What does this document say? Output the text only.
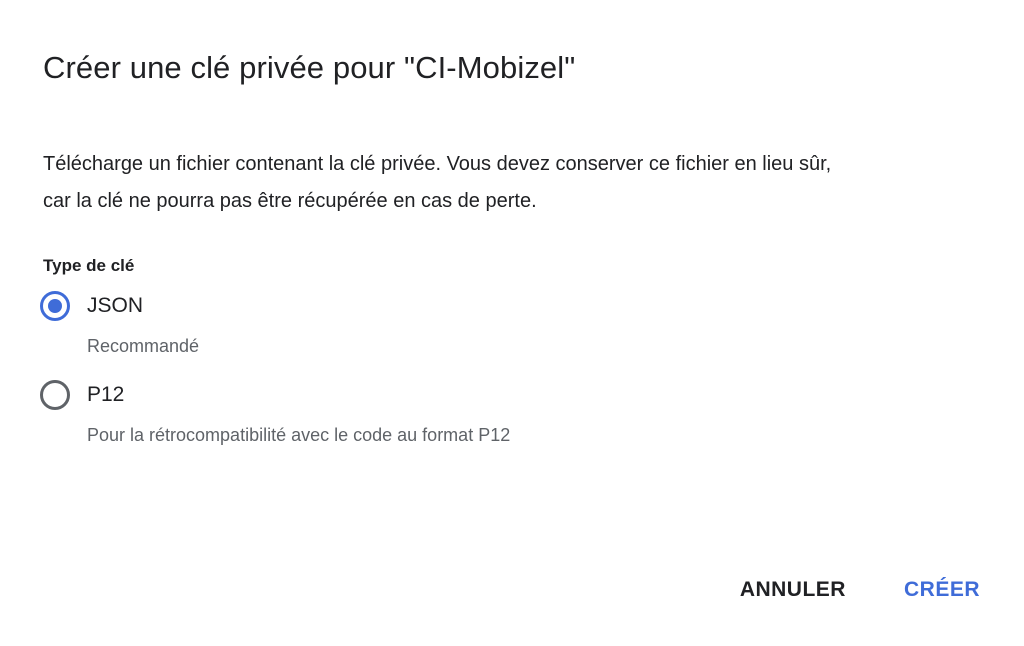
Créer une clé privée pour "CI-Mobizel"
Télécharge un fichier contenant la clé privée. Vous devez conserver ce fichier en lieu sûr,
car la clé ne pourra pas être récupérée en cas de perte.
Type de clé
JSON
Recommandé
P12
Pour la rétrocompatibilité avec le code au format P12
ANNULER	CRÉER
